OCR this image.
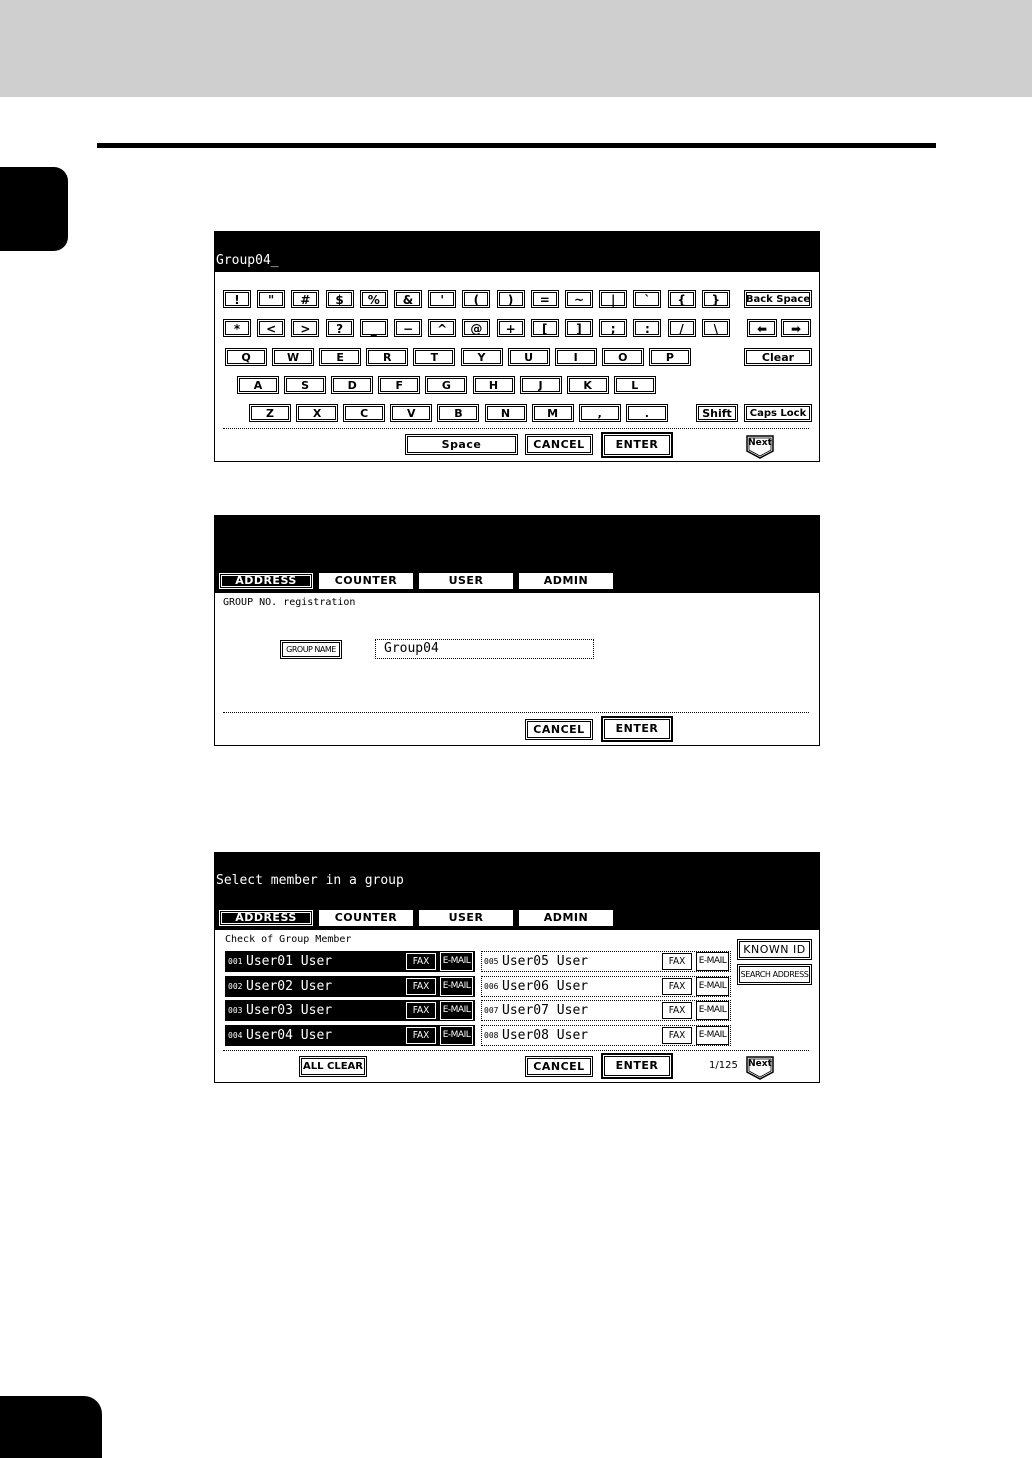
Group04_
!	"	#	$	%	&	'	(	)	=	~	|	`	{	}
*	<	>	?	_	−	^	@	+	[	]	;	:	/	\
Q	W	E	R	T	Y	U	I	O	P
A	S	D	F	G	H	J	K	L
Z	X	C	V	B	N	M	,	.
Back Space
⬅	➡
Clear
Shift	Caps Lock
Space	CANCEL	ENTER	Next
ADDRESS	COUNTER	USER	ADMIN
GROUP NO. registration
GROUP NAME	Group04
CANCEL	ENTER
Select member in a group
ADDRESS	COUNTER	USER	ADMIN
Check of Group Member
001 User01 User	FAX	E-MAIL
002 User02 User	FAX	E-MAIL
003 User03 User	FAX	E-MAIL
004 User04 User	FAX	E-MAIL
005 User05 User	FAX	E-MAIL
006 User06 User	FAX	E-MAIL
007 User07 User	FAX	E-MAIL
008 User08 User	FAX	E-MAIL
KNOWN ID
SEARCH ADDRESS
ALL CLEAR	CANCEL	ENTER	1/125 Next
